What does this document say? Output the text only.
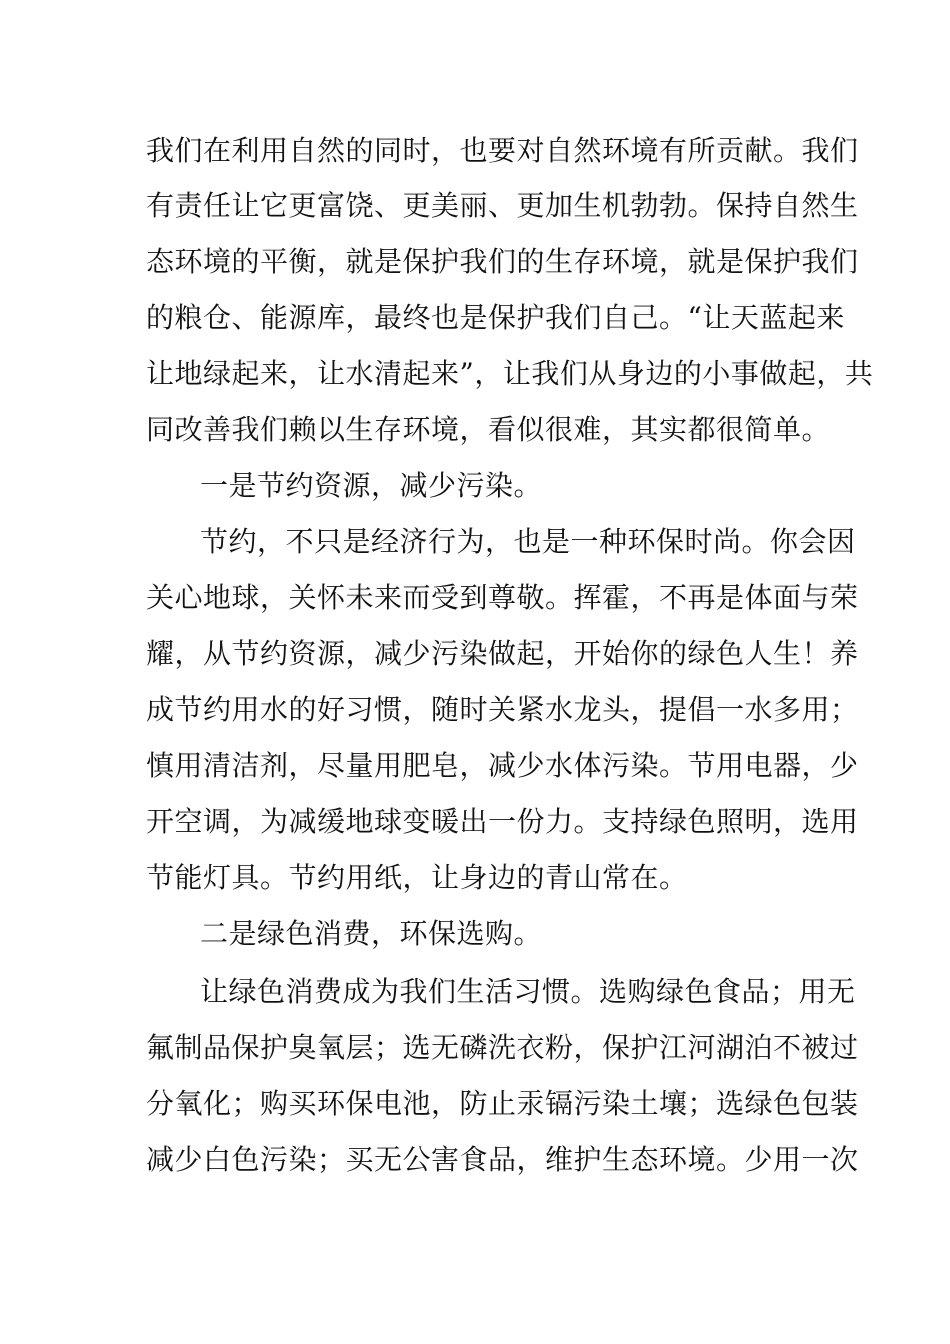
我们在利用自然的同时，也要对自然环境有所贡献。我们
有责任让它更富饶、更美丽、更加生机勃勃。保持自然生
态环境的平衡，就是保护我们的生存环境，就是保护我们
的粮仓、能源库，最终也是保护我们自己。“让天蓝起来
让地绿起来，让水清起来”，让我们从身边的小事做起，共
同改善我们赖以生存环境，看似很难，其实都很简单。
一是节约资源，减少污染。
节约，不只是经济行为，也是一种环保时尚。你会因
关心地球，关怀未来而受到尊敬。挥霍，不再是体面与荣
耀，从节约资源，减少污染做起，开始你的绿色人生！养
成节约用水的好习惯，随时关紧水龙头，提倡一水多用；
慎用清洁剂，尽量用肥皂，减少水体污染。节用电器，少
开空调，为减缓地球变暖出一份力。支持绿色照明，选用
节能灯具。节约用纸，让身边的青山常在。
二是绿色消费，环保选购。
让绿色消费成为我们生活习惯。选购绿色食品；用无
氟制品保护臭氧层；选无磷洗衣粉，保护江河湖泊不被过
分氧化；购买环保电池，防止汞镉污染土壤；选绿色包装
减少白色污染；买无公害食品，维护生态环境。少用一次
